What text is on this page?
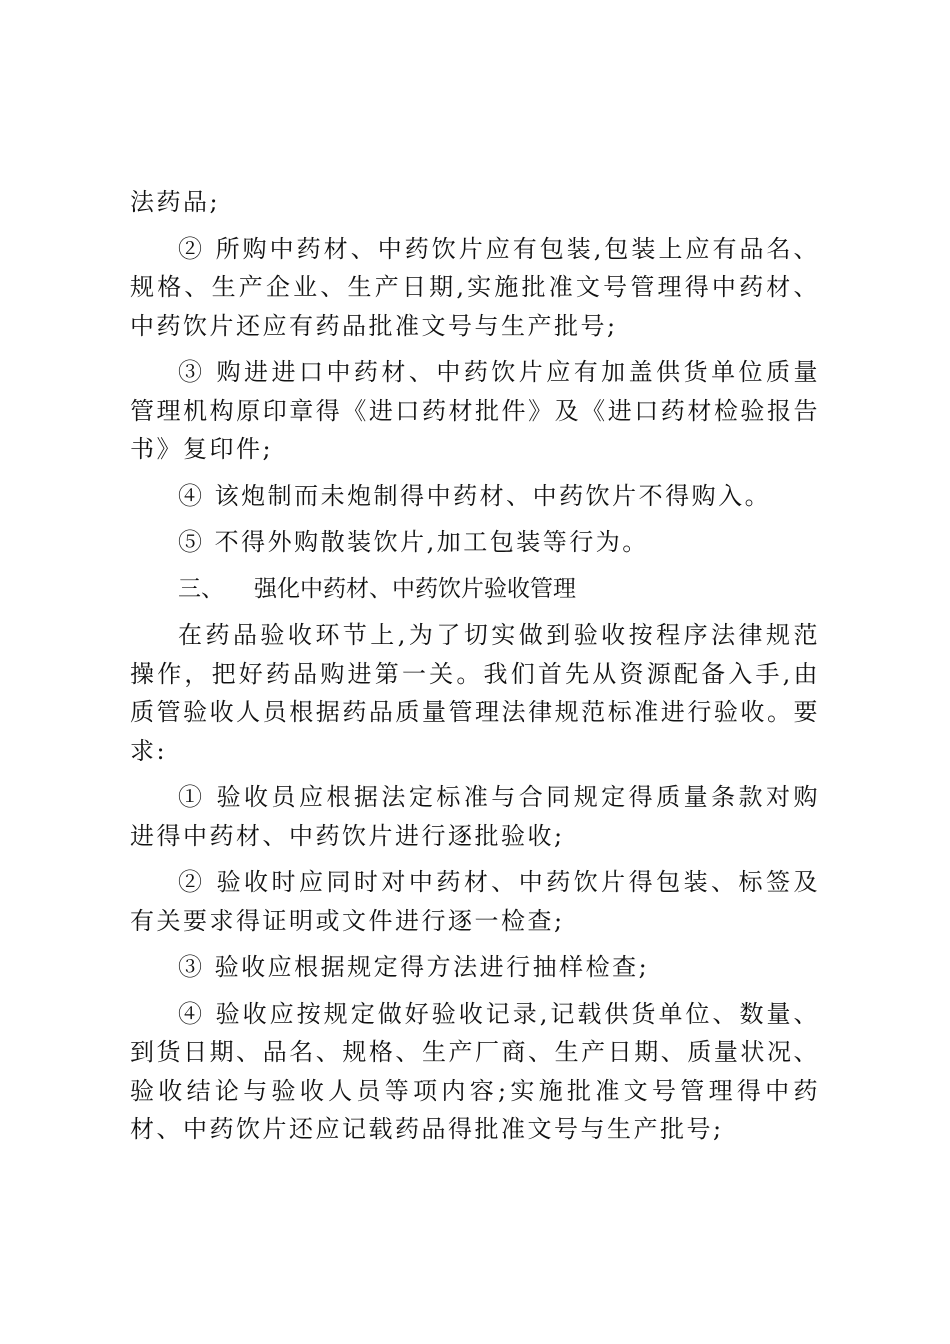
法药品;

② 所购中药材、中药饮片应有包装,包装上应有品名、规格、生产企业、生产日期,实施批准文号管理得中药材、中药饮片还应有药品批准文号与生产批号;

③ 购进进口中药材、中药饮片应有加盖供货单位质量管理机构原印章得《进口药材批件》及《进口药材检验报告书》复印件;

④ 该炮制而未炮制得中药材、中药饮片不得购入。

⑤ 不得外购散装饮片,加工包装等行为。

三、 强化中药材、中药饮片验收管理

在药品验收环节上,为了切实做到验收按程序法律规范操作，把好药品购进第一关。我们首先从资源配备入手,由质管验收人员根据药品质量管理法律规范标准进行验收。要求:

① 验收员应根据法定标准与合同规定得质量条款对购进得中药材、中药饮片进行逐批验收;

② 验收时应同时对中药材、中药饮片得包装、标签及有关要求得证明或文件进行逐一检查;

③ 验收应根据规定得方法进行抽样检查;

④ 验收应按规定做好验收记录,记载供货单位、数量、到货日期、品名、规格、生产厂商、生产日期、质量状况、验收结论与验收人员等项内容;实施批准文号管理得中药材、中药饮片还应记载药品得批准文号与生产批号;
